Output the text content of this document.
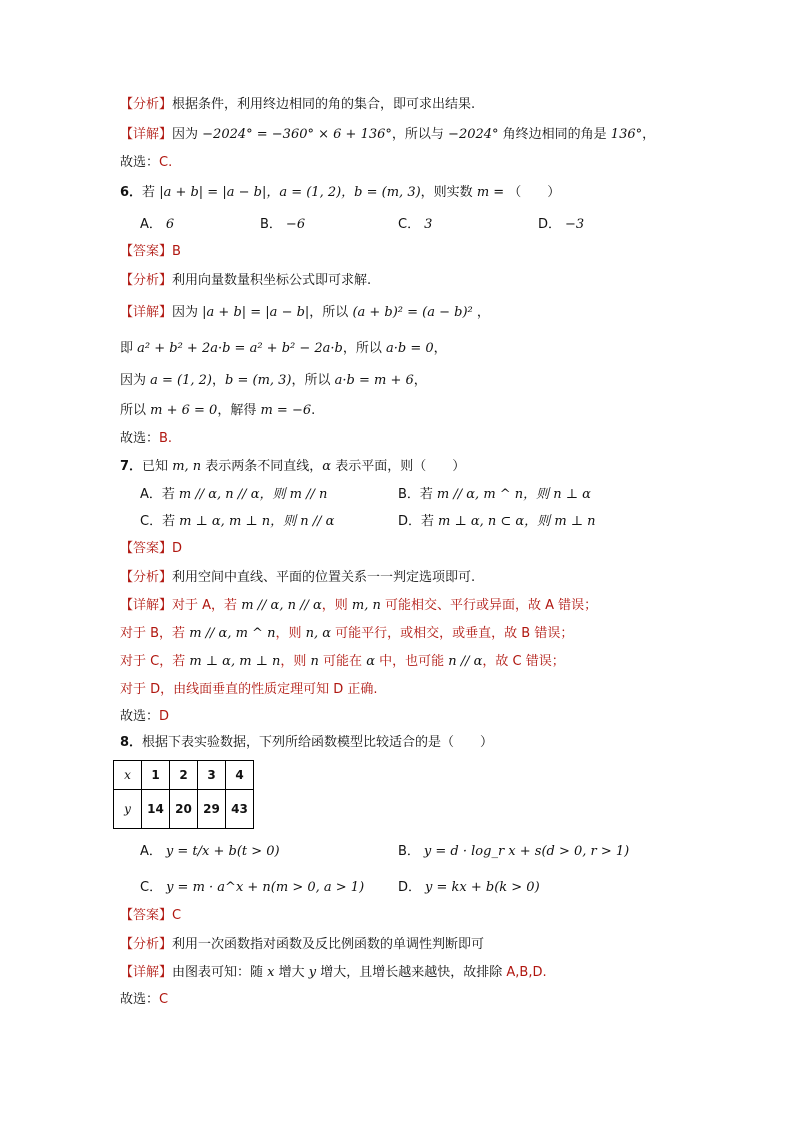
【分析】根据条件，利用终边相同的角的集合，即可求出结果.
【详解】因为 −2024° = −360° × 6 + 136°，所以与 −2024° 角终边相同的角是 136°，
故选：C.
6．若 |a + b| = |a − b|，a = (1, 2)，b = (m, 3)，则实数 m = （　　）
【答案】B
【分析】利用向量数量积坐标公式即可求解.
【详解】因为 |a + b| = |a − b|，所以 (a + b)² = (a − b)² ，
即 a² + b² + 2a·b = a² + b² − 2a·b，所以 a·b = 0，
因为 a = (1, 2)，b = (m, 3)，所以 a·b = m + 6，
所以 m + 6 = 0，解得 m = −6.
故选：B.
7．已知 m, n 表示两条不同直线，α 表示平面，则（　　）
【答案】D
【分析】利用空间中直线、平面的位置关系一一判定选项即可.
【详解】对于 A，若 m // α, n // α，则 m, n 可能相交、平行或异面，故 A 错误；
对于 B，若 m // α, m ^ n，则 n, α 可能平行，或相交，或垂直，故 B 错误；
对于 C，若 m ⊥ α, m ⊥ n，则 n 可能在 α 中，也可能 n // α，故 C 错误；
对于 D，由线面垂直的性质定理可知 D 正确.
故选：D
8．根据下表实验数据，下列所给函数模型比较适合的是（　　）
【答案】C
【分析】利用一次函数指对函数及反比例函数的单调性判断即可
【详解】由图表可知：随 x 增大 y 增大，且增长越来越快，故排除 A,B,D.
故选：C
A． 6	B． −6	C． 3	D． −3
A．若 m // α, n // α，则 m // n	B．若 m // α, m ^ n，则 n ⊥ α
C．若 m ⊥ α, m ⊥ n，则 n // α	D．若 m ⊥ α, n ⊂ α，则 m ⊥ n
A． y = t/x + b(t > 0)	B． y = d · log_r x + s(d > 0, r > 1)
C． y = m · a^x + n(m > 0, a > 1)	D． y = kx + b(k > 0)
x	1	2	3	4
y	14	20	29	43
